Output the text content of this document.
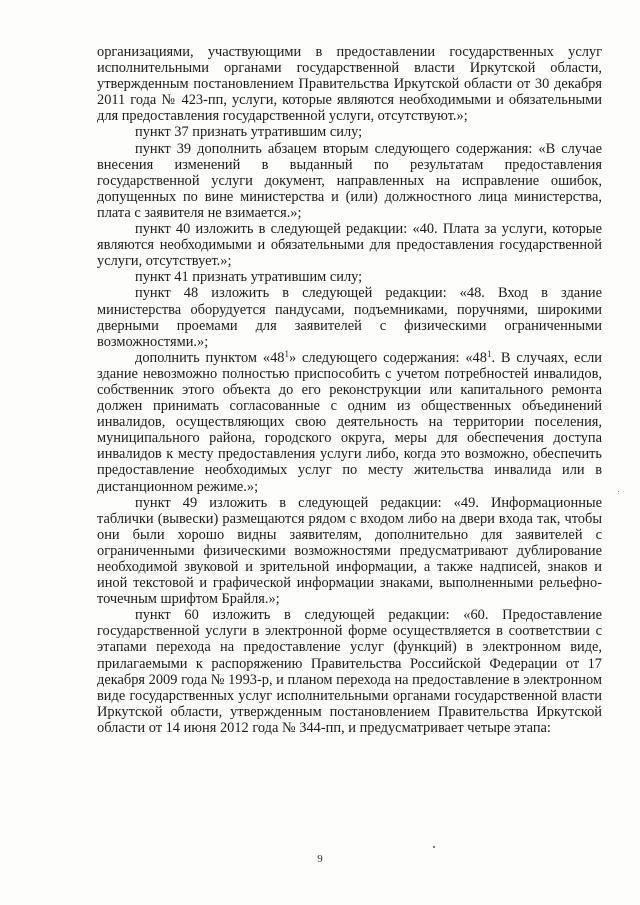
организациями, участвующими в предоставлении государственных услуг исполнительными органами государственной власти Иркутской области, утвержденным постановлением Правительства Иркутской области от 30 декабря 2011 года № 423-пп, услуги, которые являются необходимыми и обязательными для предоставления государственной услуги, отсутствуют.»;

пункт 37 признать утратившим силу;

пункт 39 дополнить абзацем вторым следующего содержания: «В случае внесения изменений в выданный по результатам предоставления государственной услуги документ, направленных на исправление ошибок, допущенных по вине министерства и (или) должностного лица министерства, плата с заявителя не взимается.»;

пункт 40 изложить в следующей редакции: «40. Плата за услуги, которые являются необходимыми и обязательными для предоставления государственной услуги, отсутствует.»;

пункт 41 признать утратившим силу;

пункт 48 изложить в следующей редакции: «48. Вход в здание министерства оборудуется пандусами, подъемниками, поручнями, широкими дверными проемами для заявителей с физическими ограниченными возможностями.»;

дополнить пунктом «$48^1$» следующего содержания: «$48^1$. В случаях, если здание невозможно полностью приспособить с учетом потребностей инвалидов, собственник этого объекта до его реконструкции или капитального ремонта должен принимать согласованные с одним из общественных объединений инвалидов, осуществляющих свою деятельность на территории поселения, муниципального района, городского округа, меры для обеспечения доступа инвалидов к месту предоставления услуги либо, когда это возможно, обеспечить предоставление необходимых услуг по месту жительства инвалида или в дистанционном режиме.»;

пункт 49 изложить в следующей редакции: «49. Информационные таблички (вывески) размещаются рядом с входом либо на двери входа так, чтобы они были хорошо видны заявителям, дополнительно для заявителей с ограниченными физическими возможностями предусматривают дублирование необходимой звуковой и зрительной информации, а также надписей, знаков и иной текстовой и графической информации знаками, выполненными рельефно-точечным шрифтом Брайля.»;

пункт 60 изложить в следующей редакции: «60. Предоставление государственной услуги в электронной форме осуществляется в соответствии с этапами перехода на предоставление услуг (функций) в электронном виде, прилагаемыми к распоряжению Правительства Российской Федерации от 17 декабря 2009 года № 1993-р, и планом перехода на предоставление в электронном виде государственных услуг исполнительными органами государственной власти Иркутской области, утвержденным постановлением Правительства Иркутской области от 14 июня 2012 года № 344-пп, и предусматривает четыре этапа:

9
